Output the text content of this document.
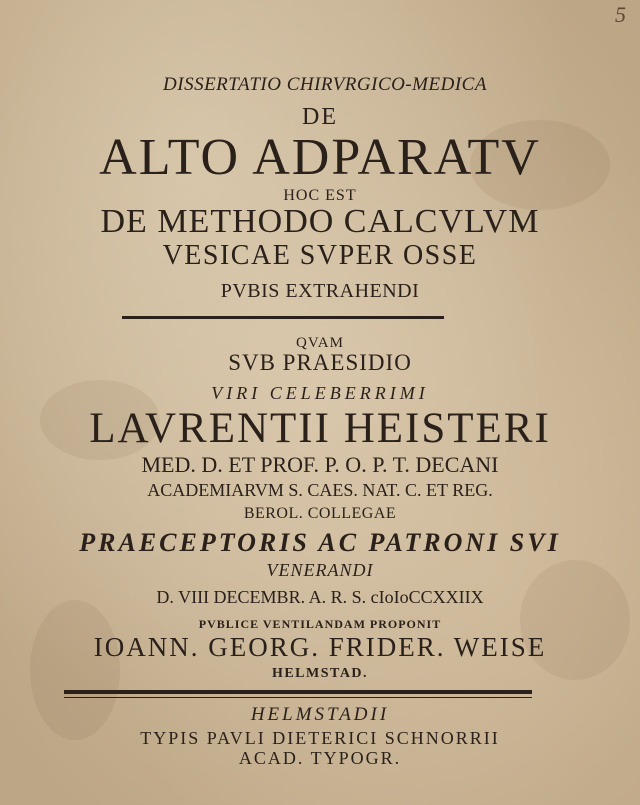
5
DISSERTATIO CHIRVRGICO-MEDICA
DE
ALTO ADPARATV
HOC EST
DE METHODO CALCVLVM
VESICAE SVPER OSSE
PVBIS EXTRAHENDI
QVAM
SVB PRAESIDIO
VIRI CELEBERRIMI
LAVRENTII HEISTERI
MED. D. ET PROF. P. O. P. T. DECANI
ACADEMIARVM S. CAES. NAT. C. ET REG.
BEROL. COLLEGAE
PRAECEPTORIS AC PATRONI SVI
VENERANDI
D. VIII DECEMBR. A. R. S. cIoIoCCXXIIX
PVBLICE VENTILANDAM PROPONIT
IOANN. GEORG. FRIDER. WEISE
HELMSTAD.
HELMSTADII
TYPIS PAVLI DIETERICI SCHNORRII
ACAD. TYPOGR.
